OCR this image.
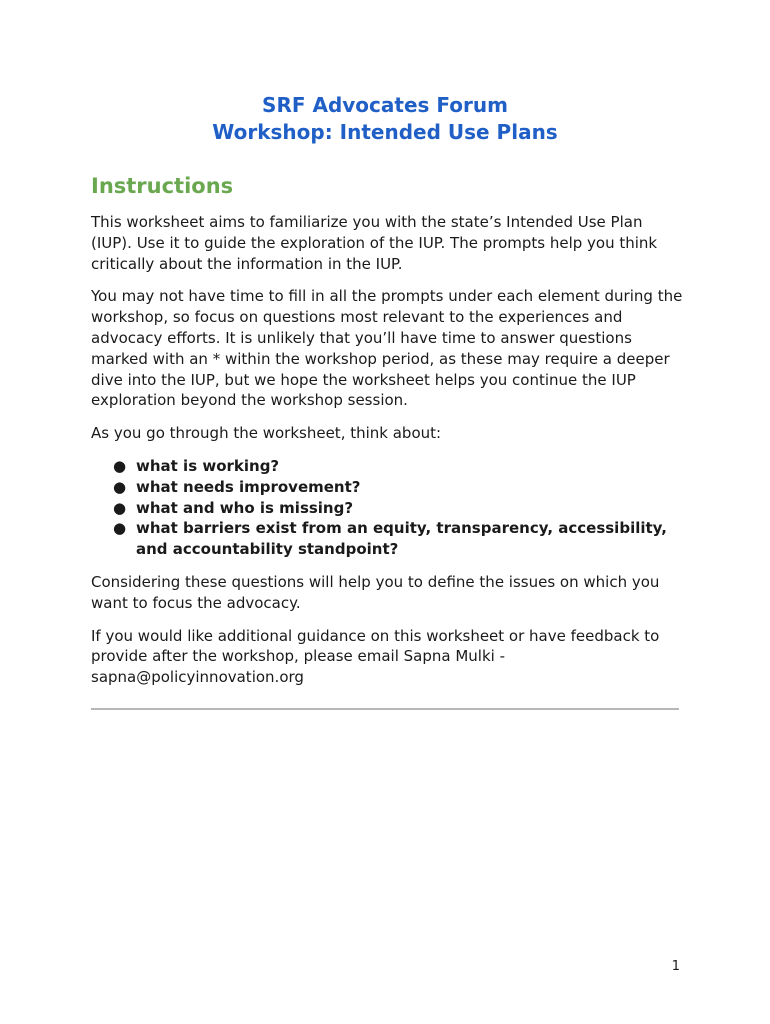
SRF Advocates Forum

Workshop: Intended Use Plans

Instructions

This worksheet aims to familiarize you with the state’s Intended Use Plan (IUP). Use it to guide the exploration of the IUP. The prompts help you think critically about the information in the IUP.

You may not have time to fill in all the prompts under each element during the workshop, so focus on questions most relevant to the experiences and advocacy efforts. It is unlikely that you’ll have time to answer questions marked with an * within the workshop period, as these may require a deeper dive into the IUP, but we hope the worksheet helps you continue the IUP exploration beyond the workshop session.

As you go through the worksheet, think about:

● what is working?
● what needs improvement?
● what and who is missing?
● what barriers exist from an equity, transparency, accessibility, and accountability standpoint?

Considering these questions will help you to define the issues on which you want to focus the advocacy.

If you would like additional guidance on this worksheet or have feedback to provide after the workshop, please email Sapna Mulki - sapna@policyinnovation.org

1
